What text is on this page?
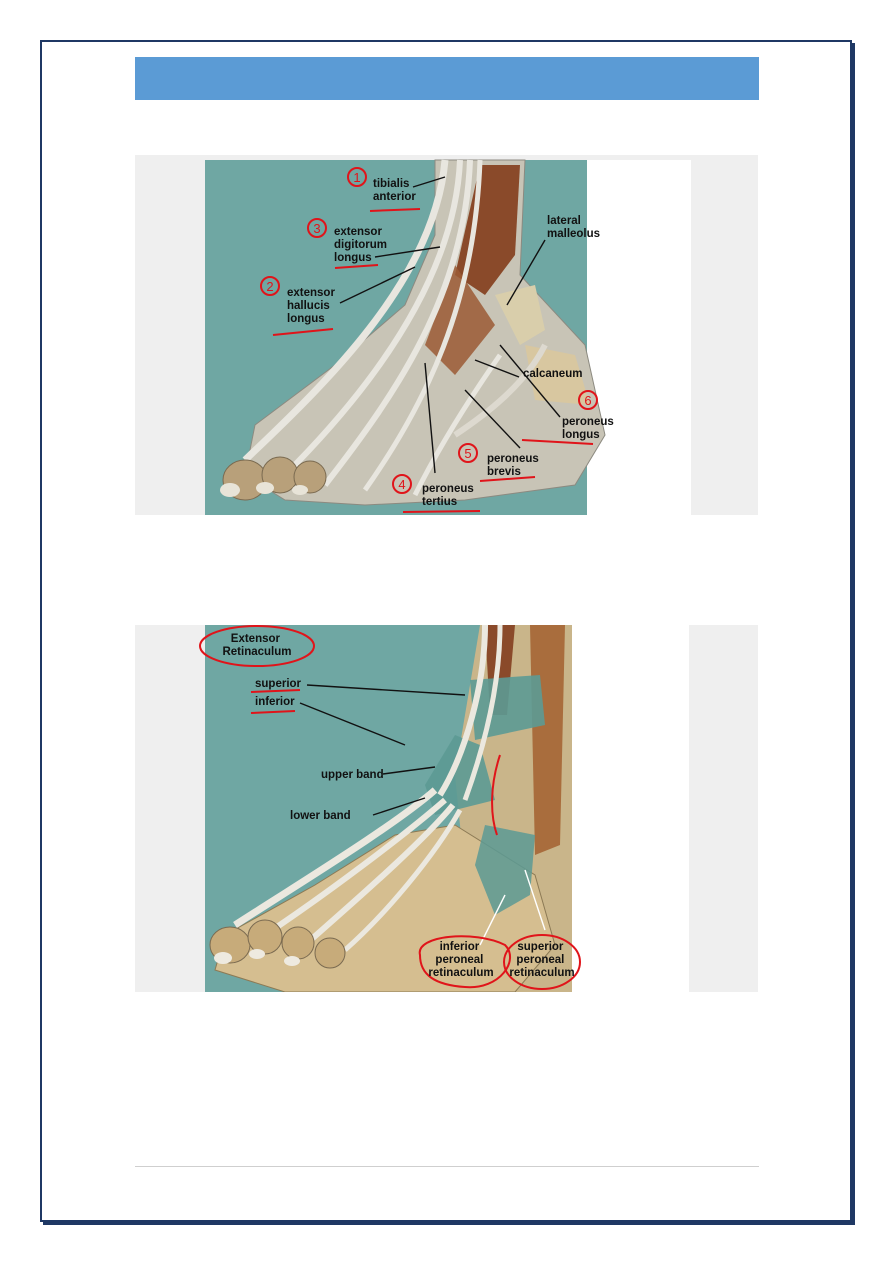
1
2
3
4
5
6
tibialis anterior
extensor digitorum longus
extensor hallucis longus
lateral malleolus
calcaneum
peroneus longus
peroneus brevis
peroneus tertius
Extensor Retinaculum
superior
inferior
upper band
lower band
inferior peroneal retinaculum
superior peroneal retinaculum
